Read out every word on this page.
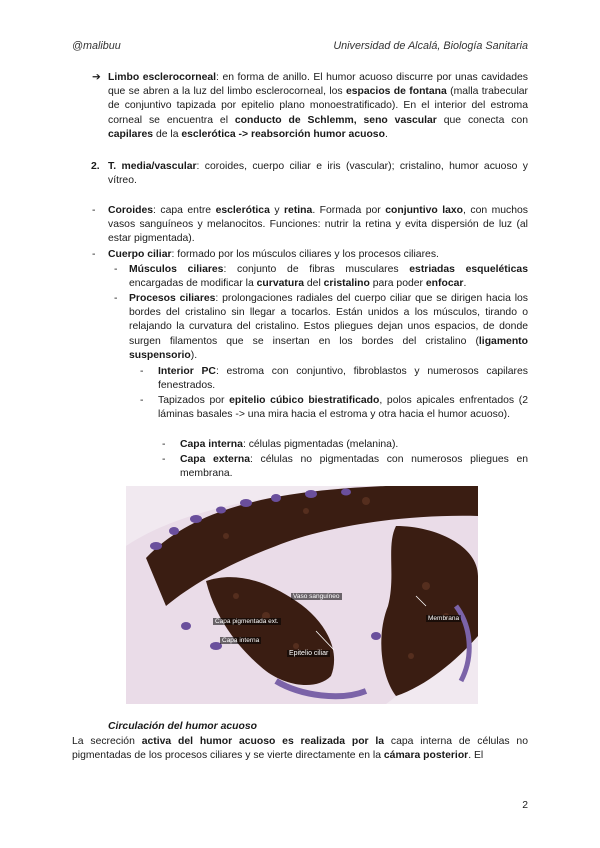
@malibuu	Universidad de Alcalá, Biología Sanitaria
➔ Limbo esclerocorneal: en forma de anillo. El humor acuoso discurre por unas cavidades que se abren a la luz del limbo esclerocorneal, los espacios de fontana (malla trabecular de conjuntivo tapizada por epitelio plano monoestratificado). En el interior del estroma corneal se encuentra el conducto de Schlemm, seno vascular que conecta con capilares de la esclerótica -> reabsorción humor acuoso.
2. T. media/vascular: coroides, cuerpo ciliar e iris (vascular); cristalino, humor acuoso y vítreo.
- Coroides: capa entre esclerótica y retina. Formada por conjuntivo laxo, con muchos vasos sanguíneos y melanocitos. Funciones: nutrir la retina y evita dispersión de luz (al estar pigmentada).
- Cuerpo ciliar: formado por los músculos ciliares y los procesos ciliares.
- Músculos ciliares: conjunto de fibras musculares estriadas esqueléticas encargadas de modificar la curvatura del cristalino para poder enfocar.
- Procesos ciliares: prolongaciones radiales del cuerpo ciliar que se dirigen hacia los bordes del cristalino sin llegar a tocarlos. Están unidos a los músculos, tirando o relajando la curvatura del cristalino. Estos pliegues dejan unos espacios, de donde surgen filamentos que se insertan en los bordes del cristalino (ligamento suspensorio).
- Interior PC: estroma con conjuntivo, fibroblastos y numerosos capilares fenestrados.
- Tapizados por epitelio cúbico biestratificado, polos apicales enfrentados (2 láminas basales -> una mira hacia el estroma y otra hacia el humor acuoso).
- Capa interna: células pigmentadas (melanina).
- Capa externa: células no pigmentadas con numerosos pliegues en membrana.
Vaso sanguíneo
Capa pigmentada ext.
Capa interna
Epitelio ciliar
Membrana
Circulación del humor acuoso
La secreción activa del humor acuoso es realizada por la capa interna de células no pigmentadas de los procesos ciliares y se vierte directamente en la cámara posterior. El
2
